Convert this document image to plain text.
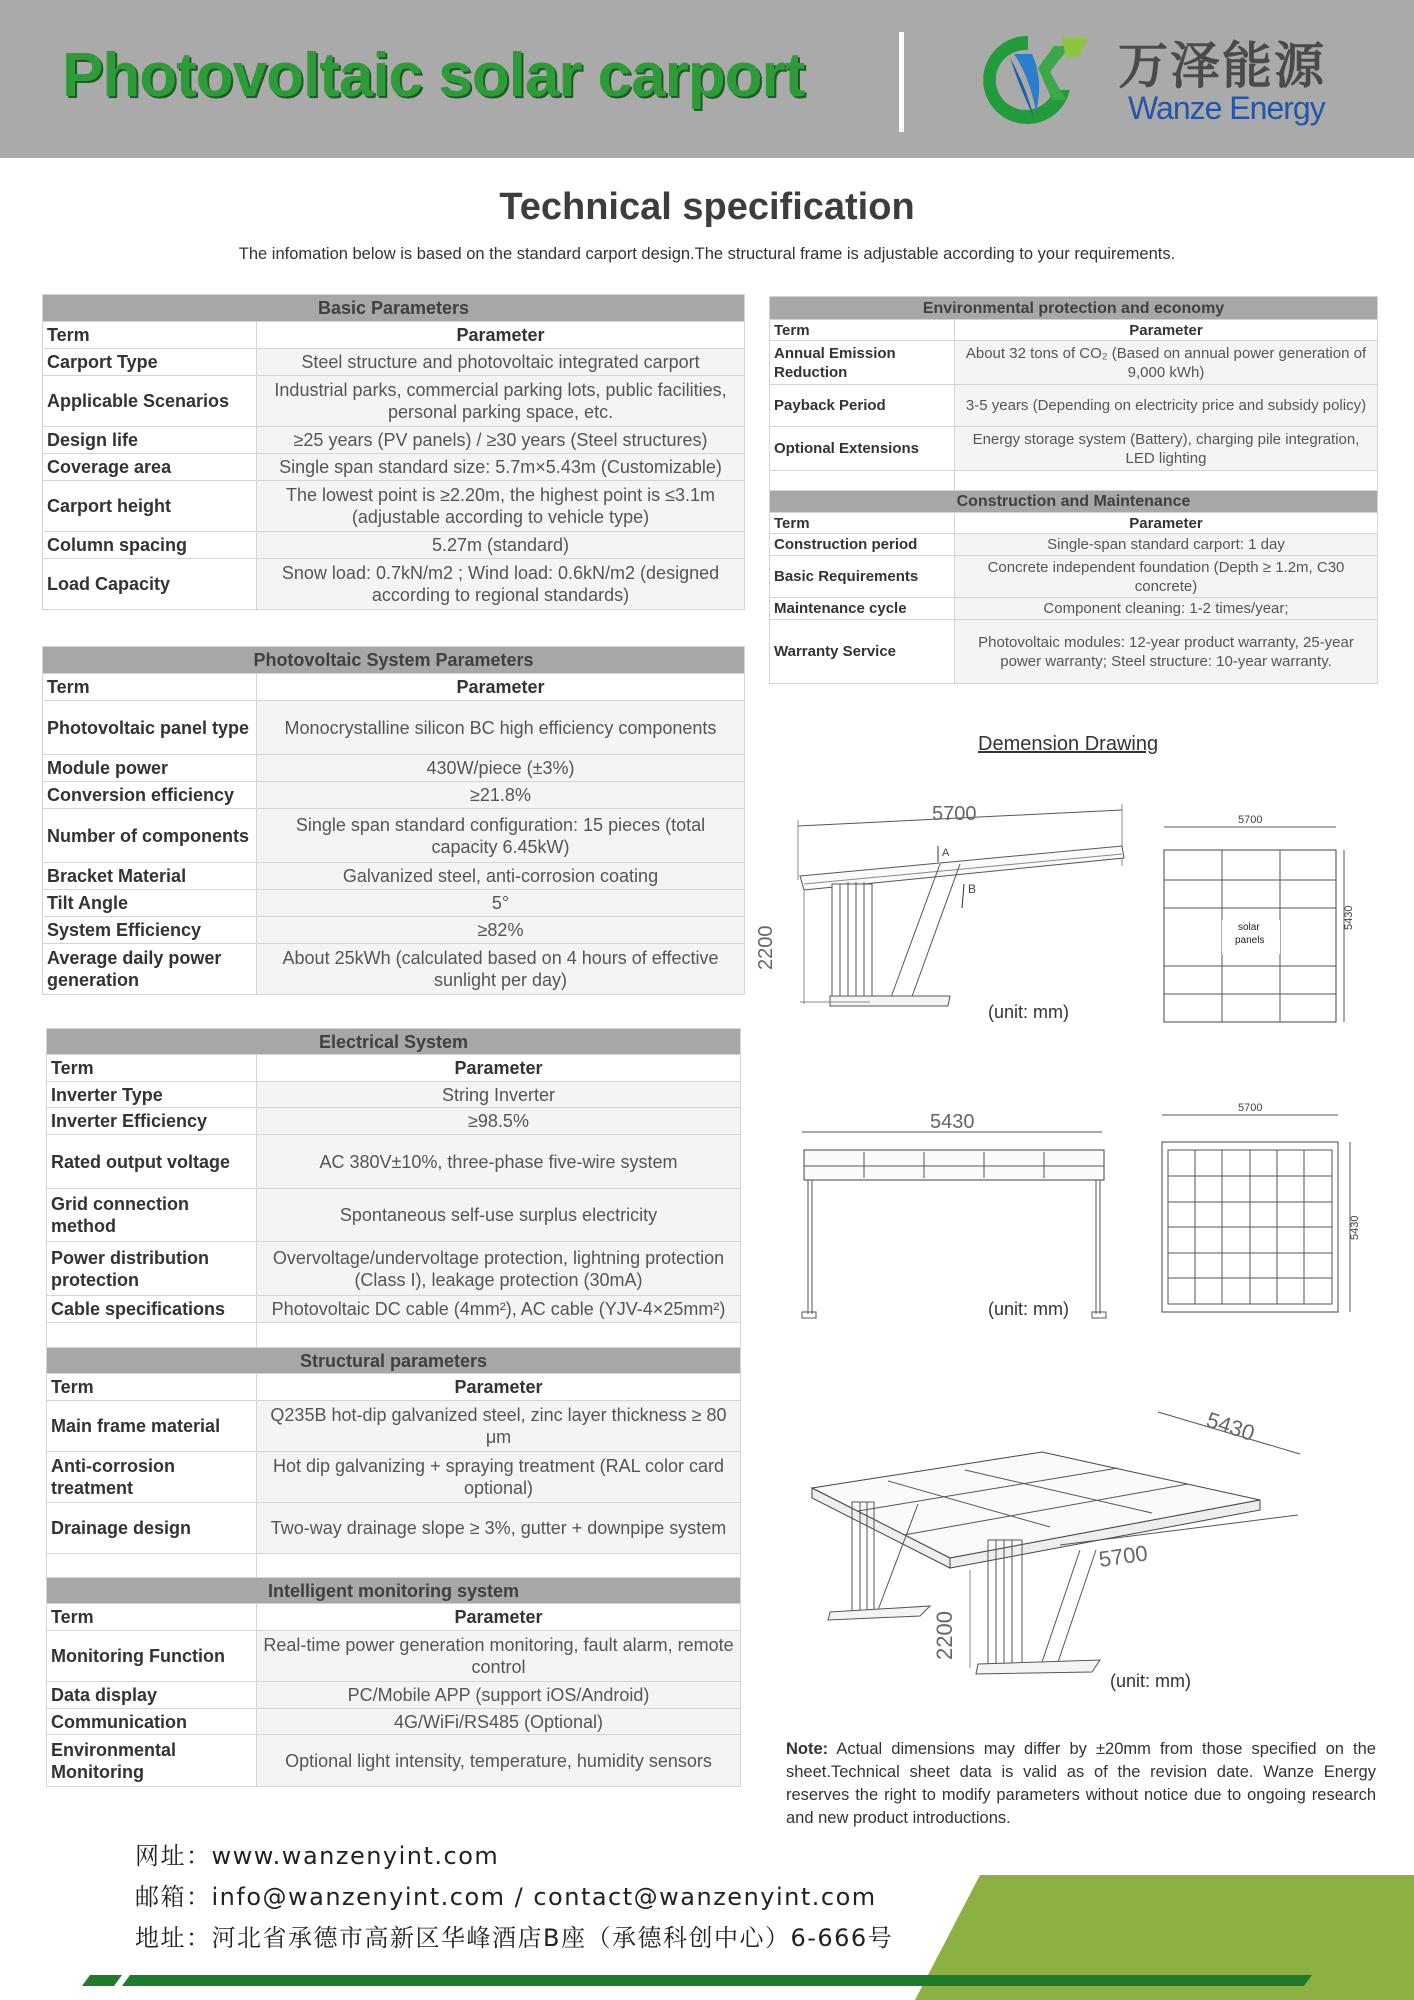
Photovoltaic solar carport	万泽能源
Wanze Energy
Technical specification
The infomation below is based on the standard carport design.The structural frame is adjustable according to your requirements.
Basic Parameters	
Term	Parameter
Carport Type	Steel structure and photovoltaic integrated carport
Applicable Scenarios	Industrial parks, commercial parking lots, public facilities, personal parking space, etc.
Design life	≥25 years (PV panels) / ≥30 years (Steel structures)
Coverage area	Single span standard size: 5.7m×5.43m (Customizable)
Carport height	The lowest point is ≥2.20m, the highest point is ≤3.1m (adjustable according to vehicle type)
Column spacing	5.27m (standard)
Load Capacity	Snow load: 0.7kN/m2 ; Wind load: 0.6kN/m2 (designed according to regional standards)
Photovoltaic System Parameters	
Term	Parameter
Photovoltaic panel type	Monocrystalline silicon BC high efficiency components
Module power	430W/piece (±3%)
Conversion efficiency	≥21.8%
Number of components	Single span standard configuration: 15 pieces (total capacity 6.45kW)
Bracket Material	Galvanized steel, anti-corrosion coating
Tilt Angle	5°
System Efficiency	≥82%
Average daily power generation	About 25kWh (calculated based on 4 hours of effective sunlight per day)
Electrical System	
Term	Parameter
Inverter Type	String Inverter
Inverter Efficiency	≥98.5%
Rated output voltage	AC 380V±10%, three-phase five-wire system
Grid connection method	Spontaneous self-use surplus electricity
Power distribution protection	Overvoltage/undervoltage protection, lightning protection (Class I), leakage protection (30mA)
Cable specifications	Photovoltaic DC cable (4mm²), AC cable (YJV-4×25mm²)

Structural parameters	
Term	Parameter
Main frame material	Q235B hot-dip galvanized steel, zinc layer thickness ≥ 80 μm
Anti-corrosion treatment	Hot dip galvanizing + spraying treatment (RAL color card optional)
Drainage design	Two-way drainage slope ≥ 3%, gutter + downpipe system

Intelligent monitoring system	
Term	Parameter
Monitoring Function	Real-time power generation monitoring, fault alarm, remote control
Data display	PC/Mobile APP (support iOS/Android)
Communication	4G/WiFi/RS485 (Optional)
Environmental Monitoring	Optional light intensity, temperature, humidity sensors
Environmental protection and economy	
Term	Parameter
Annual Emission Reduction	About 32 tons of CO₂ (Based on annual power generation of 9,000 kWh)
Payback Period	3-5 years (Depending on electricity price and subsidy policy)
Optional Extensions	Energy storage system (Battery), charging pile integration, LED lighting

Construction and Maintenance	
Term	Parameter
Construction period	Single-span standard carport: 1 day
Basic Requirements	Concrete independent foundation (Depth ≥ 1.2m, C30 concrete)
Maintenance cycle	Component cleaning: 1-2 times/year;
Warranty Service	Photovoltaic modules: 12-year product warranty, 25-year power warranty; Steel structure: 10-year warranty.
Demension Drawing
5700
A
B
2200
(unit: mm)
5700
solar
panels
5430
5430
(unit: mm)
5700
5430
5430
5700
2200
(unit: mm)
Note: Actual dimensions may differ by ±20mm from those specified on the sheet.Technical sheet data is valid as of the revision date. Wanze Energy reserves the right to modify parameters without notice due to ongoing research and new product introductions.
网址：www.wanzenyint.com
邮箱：info@wanzenyint.com / contact@wanzenyint.com
地址：河北省承德市高新区华峰酒店B座（承德科创中心）6-666号
